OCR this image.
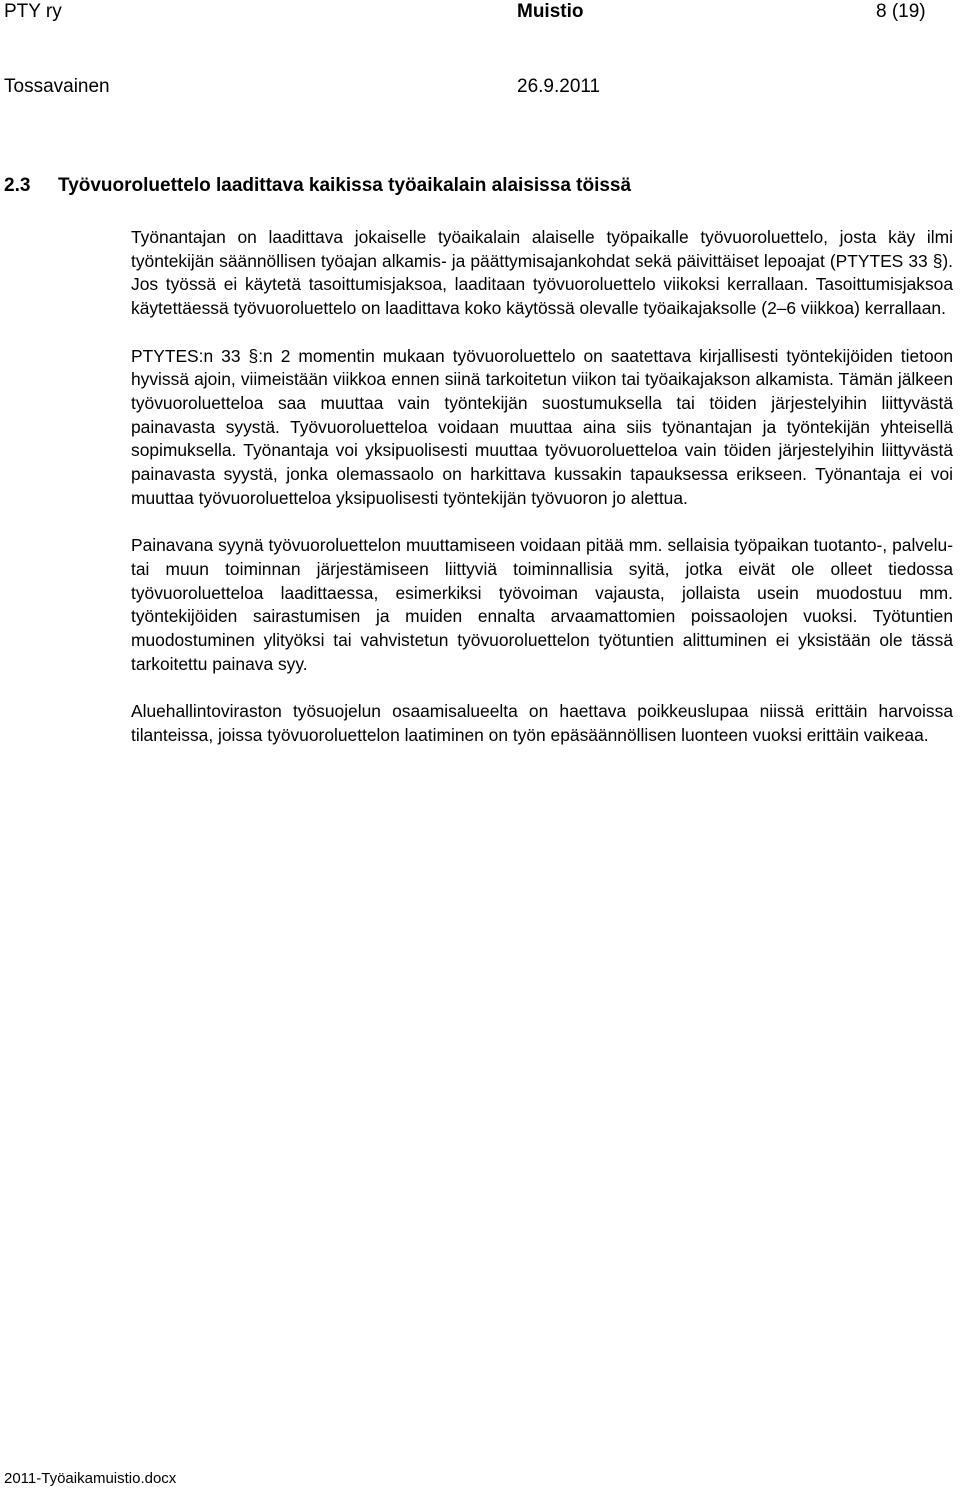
PTY ry	Muistio	8 (19)
Tossavainen	26.9.2011
2.3 Työvuoroluettelo laadittava kaikissa työaikalain alaisissa töissä

Työnantajan on laadittava jokaiselle työaikalain alaiselle työpaikalle työvuoroluettelo, josta käy ilmi työntekijän säännöllisen työajan alkamis- ja päättymisajankohdat sekä päivittäiset lepoajat (PTYTES 33 §). Jos työssä ei käytetä tasoittumisjaksoa, laaditaan työvuoroluettelo viikoksi kerrallaan. Tasoittumisjaksoa käytettäessä työvuoroluettelo on laadittava koko käytössä olevalle työaikajaksolle (2–6 viikkoa) kerrallaan.

PTYTES:n 33 §:n 2 momentin mukaan työvuoroluettelo on saatettava kirjallisesti työntekijöiden tietoon hyvissä ajoin, viimeistään viikkoa ennen siinä tarkoitetun viikon tai työaikajakson alkamista. Tämän jälkeen työvuoroluetteloa saa muuttaa vain työntekijän suostumuksella tai töiden järjestelyihin liittyvästä painavasta syystä. Työvuoroluetteloa voidaan muuttaa aina siis työnantajan ja työntekijän yhteisellä sopimuksella. Työnantaja voi yksipuolisesti muuttaa työvuoroluetteloa vain töiden järjestelyihin liittyvästä painavasta syystä, jonka olemassaolo on harkittava kussakin tapauksessa erikseen. Työnantaja ei voi muuttaa työvuoroluetteloa yksipuolisesti työntekijän työvuoron jo alettua.

Painavana syynä työvuoroluettelon muuttamiseen voidaan pitää mm. sellaisia työpaikan tuotanto-, palvelu- tai muun toiminnan järjestämiseen liittyviä toiminnallisia syitä, jotka eivät ole olleet tiedossa työvuoroluetteloa laadittaessa, esimerkiksi työvoiman vajausta, jollaista usein muodostuu mm. työntekijöiden sairastumisen ja muiden ennalta arvaamattomien poissaolojen vuoksi. Työtuntien muodostuminen ylityöksi tai vahvistetun työvuoroluettelon työtuntien alittuminen ei yksistään ole tässä tarkoitettu painava syy.

Aluehallintoviraston työsuojelun osaamisalueelta on haettava poikkeuslupaa niissä erittäin harvoissa tilanteissa, joissa työvuoroluettelon laatiminen on työn epäsäännöllisen luonteen vuoksi erittäin vaikeaa.

2011-Työaikamuistio.docx
